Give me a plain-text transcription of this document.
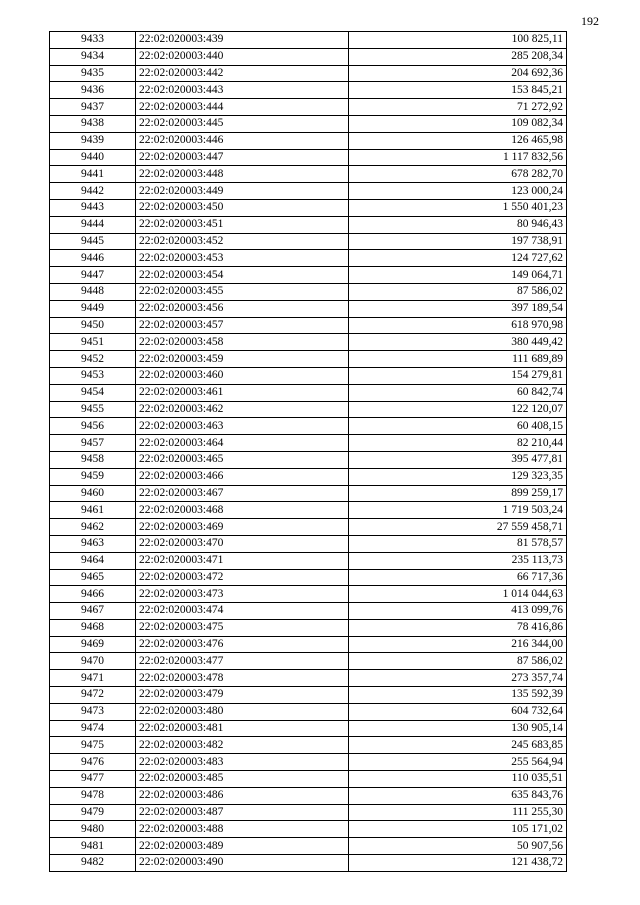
192
9433	22:02:020003:439	100 825,11
9434	22:02:020003:440	285 208,34
9435	22:02:020003:442	204 692,36
9436	22:02:020003:443	153 845,21
9437	22:02:020003:444	71 272,92
9438	22:02:020003:445	109 082,34
9439	22:02:020003:446	126 465,98
9440	22:02:020003:447	1 117 832,56
9441	22:02:020003:448	678 282,70
9442	22:02:020003:449	123 000,24
9443	22:02:020003:450	1 550 401,23
9444	22:02:020003:451	80 946,43
9445	22:02:020003:452	197 738,91
9446	22:02:020003:453	124 727,62
9447	22:02:020003:454	149 064,71
9448	22:02:020003:455	87 586,02
9449	22:02:020003:456	397 189,54
9450	22:02:020003:457	618 970,98
9451	22:02:020003:458	380 449,42
9452	22:02:020003:459	111 689,89
9453	22:02:020003:460	154 279,81
9454	22:02:020003:461	60 842,74
9455	22:02:020003:462	122 120,07
9456	22:02:020003:463	60 408,15
9457	22:02:020003:464	82 210,44
9458	22:02:020003:465	395 477,81
9459	22:02:020003:466	129 323,35
9460	22:02:020003:467	899 259,17
9461	22:02:020003:468	1 719 503,24
9462	22:02:020003:469	27 559 458,71
9463	22:02:020003:470	81 578,57
9464	22:02:020003:471	235 113,73
9465	22:02:020003:472	66 717,36
9466	22:02:020003:473	1 014 044,63
9467	22:02:020003:474	413 099,76
9468	22:02:020003:475	78 416,86
9469	22:02:020003:476	216 344,00
9470	22:02:020003:477	87 586,02
9471	22:02:020003:478	273 357,74
9472	22:02:020003:479	135 592,39
9473	22:02:020003:480	604 732,64
9474	22:02:020003:481	130 905,14
9475	22:02:020003:482	245 683,85
9476	22:02:020003:483	255 564,94
9477	22:02:020003:485	110 035,51
9478	22:02:020003:486	635 843,76
9479	22:02:020003:487	111 255,30
9480	22:02:020003:488	105 171,02
9481	22:02:020003:489	50 907,56
9482	22:02:020003:490	121 438,72
